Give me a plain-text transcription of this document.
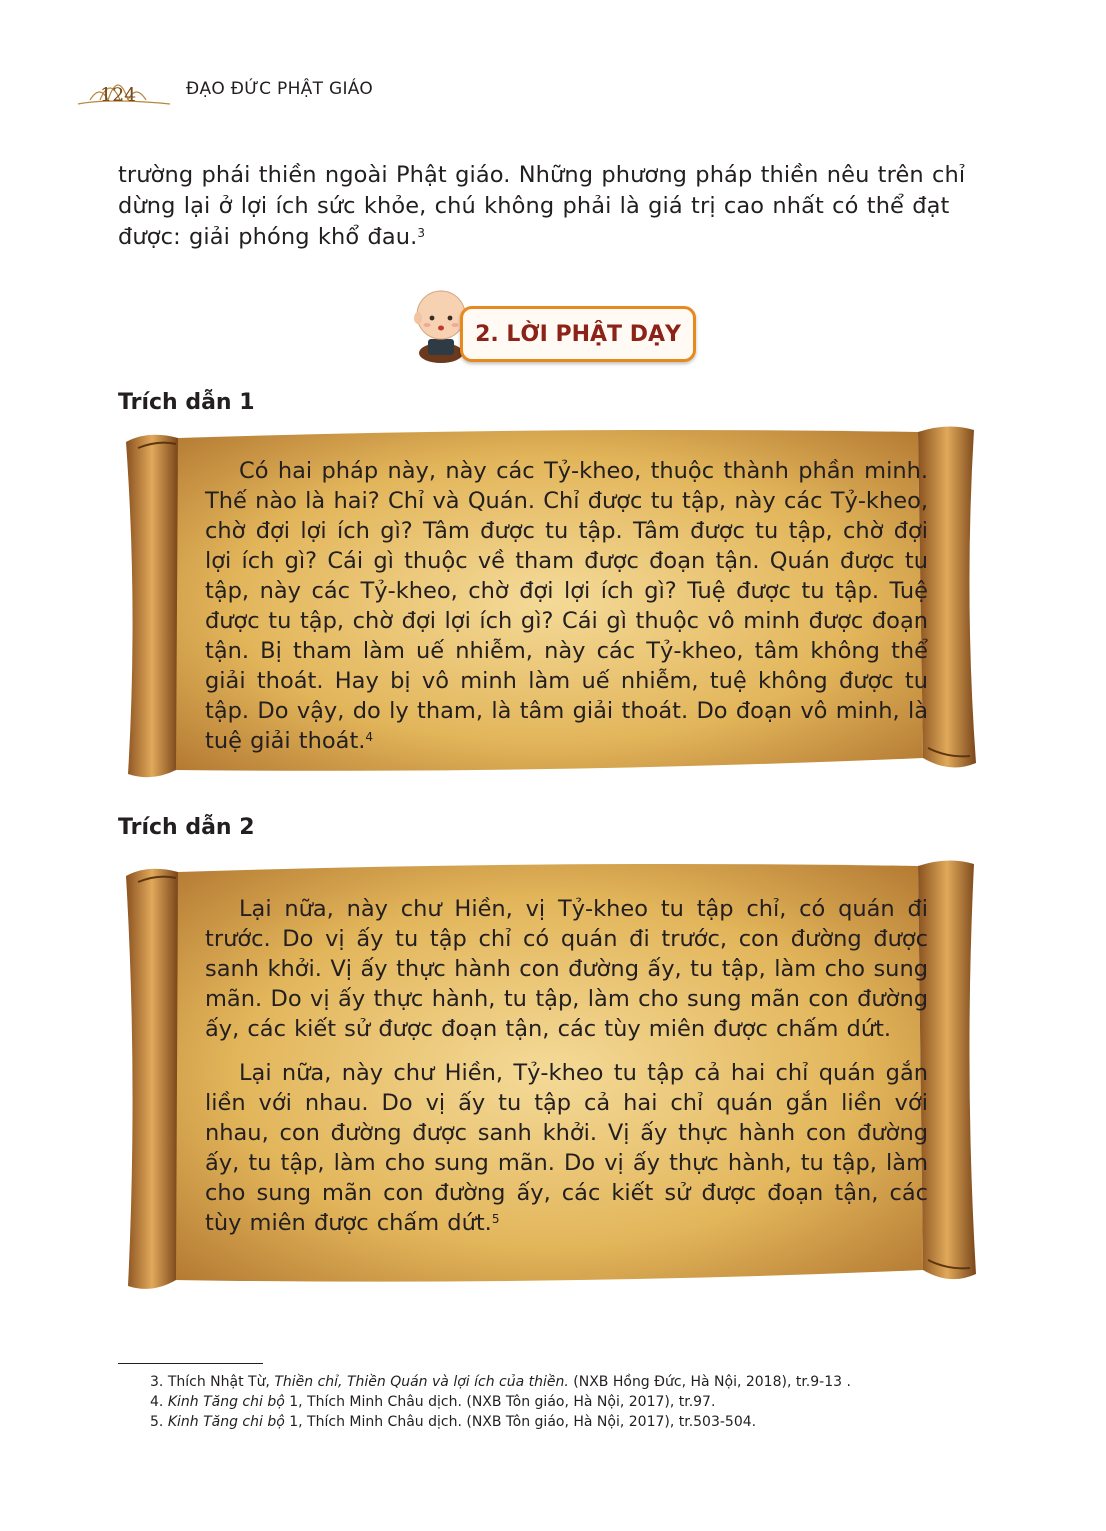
124	ĐẠO ĐỨC PHẬT GIÁO

trường phái thiền ngoài Phật giáo. Những phương pháp thiền nêu trên chỉ dừng lại ở lợi ích sức khỏe, chú không phải là giá trị cao nhất có thể đạt được: giải phóng khổ đau.$^3$

2. LỜI PHẬT DẠY
Trích dẫn 1

Có hai pháp này, này các Tỷ-kheo, thuộc thành phần minh. Thế nào là hai? Chỉ và Quán. Chỉ được tu tập, này các Tỷ-kheo, chờ đợi lợi ích gì? Tâm được tu tập. Tâm được tu tập, chờ đợi lợi ích gì? Cái gì thuộc về tham được đoạn tận. Quán được tu tập, này các Tỷ-kheo, chờ đợi lợi ích gì? Tuệ được tu tập. Tuệ được tu tập, chờ đợi lợi ích gì? Cái gì thuộc vô minh được đoạn tận. Bị tham làm uế nhiễm, này các Tỷ-kheo, tâm không thể giải thoát. Hay bị vô minh làm uế nhiễm, tuệ không được tu tập. Do vậy, do ly tham, là tâm giải thoát. Do đoạn vô minh, là tuệ giải thoát.$^4$

Trích dẫn 2

Lại nữa, này chư Hiền, vị Tỷ-kheo tu tập chỉ, có quán đi trước. Do vị ấy tu tập chỉ có quán đi trước, con đường được sanh khởi. Vị ấy thực hành con đường ấy, tu tập, làm cho sung mãn. Do vị ấy thực hành, tu tập, làm cho sung mãn con đường ấy, các kiết sử được đoạn tận, các tùy miên được chấm dứt.

Lại nữa, này chư Hiền, Tỷ-kheo tu tập cả hai chỉ quán gắn liền với nhau. Do vị ấy tu tập cả hai chỉ quán gắn liền với nhau, con đường được sanh khởi. Vị ấy thực hành con đường ấy, tu tập, làm cho sung mãn. Do vị ấy thực hành, tu tập, làm cho sung mãn con đường ấy, các kiết sử được đoạn tận, các tùy miên được chấm dứt.$^5$

3. Thích Nhật Từ, Thiền chỉ, Thiền Quán và lợi ích của thiền. (NXB Hồng Đức, Hà Nội, 2018), tr.9-13 .
4. Kinh Tăng chi bộ 1, Thích Minh Châu dịch. (NXB Tôn giáo, Hà Nội, 2017), tr.97.
5. Kinh Tăng chi bộ 1, Thích Minh Châu dịch. (NXB Tôn giáo, Hà Nội, 2017), tr.503-504.
